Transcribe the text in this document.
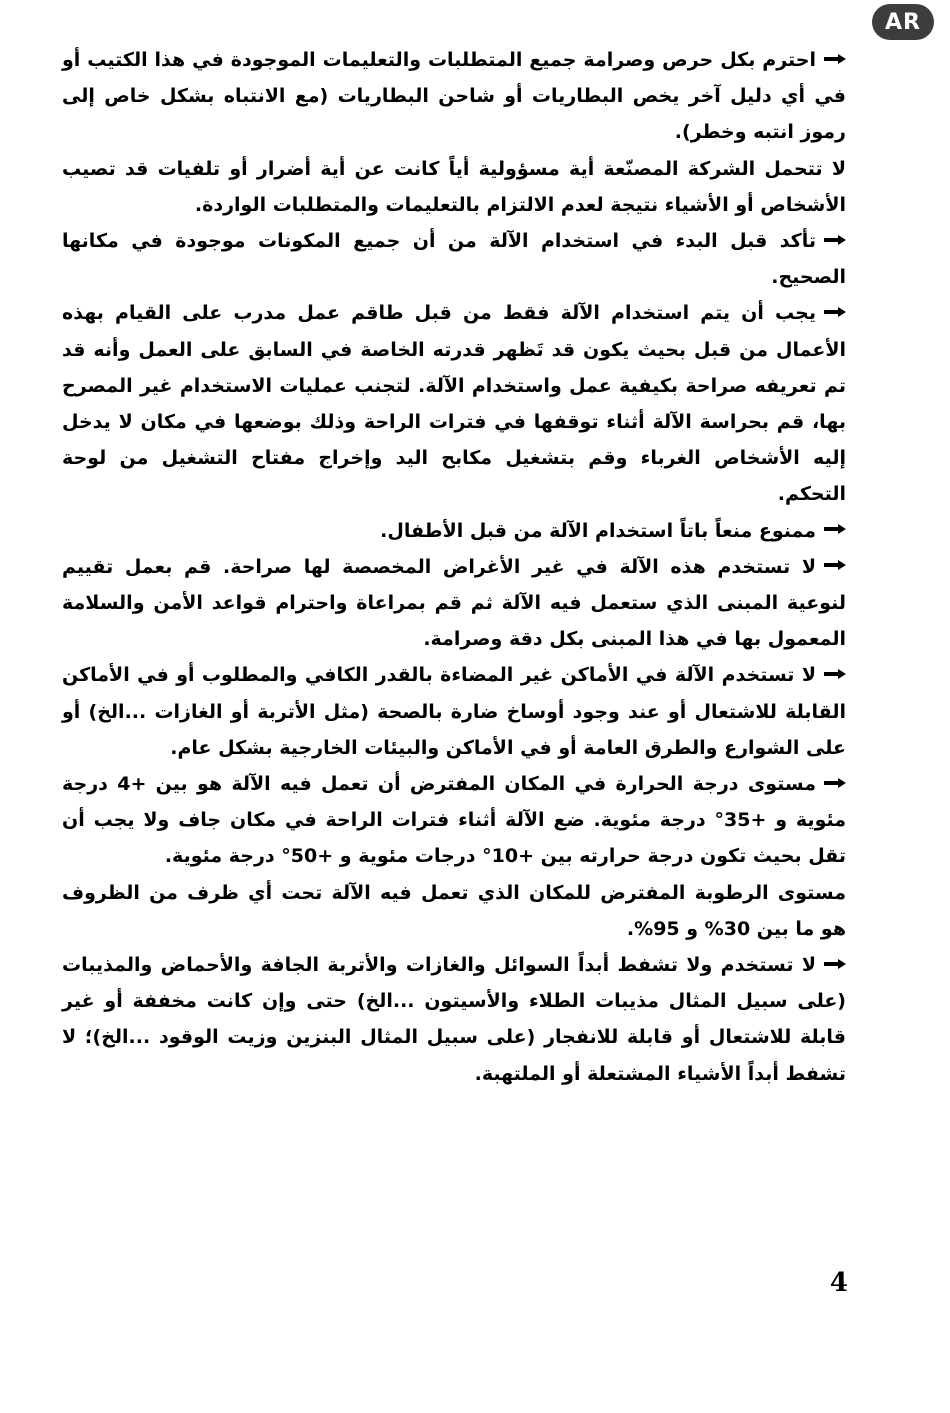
AR

احترم بكل حرص وصرامة جميع المتطلبات والتعليمات الموجودة في هذا الكتيب أو في أي دليل آخر يخص البطاريات أو شاحن البطاريات (مع الانتباه بشكل خاص إلى رموز انتبه وخطر).

لا تتحمل الشركة المصنّعة أية مسؤولية أياً كانت عن أية أضرار أو تلفيات قد تصيب الأشخاص أو الأشياء نتيجة لعدم الالتزام بالتعليمات والمتطلبات الواردة.

تأكد قبل البدء في استخدام الآلة من أن جميع المكونات موجودة في مكانها الصحيح.

يجب أن يتم استخدام الآلة فقط من قبل طاقم عمل مدرب على القيام بهذه الأعمال من قبل بحيث يكون قد تَظهر قدرته الخاصة في السابق على العمل وأنه قد تم تعريفه صراحة بكيفية عمل واستخدام الآلة. لتجنب عمليات الاستخدام غير المصرح بها، قم بحراسة الآلة أثناء توقفها في فترات الراحة وذلك بوضعها في مكان لا يدخل إليه الأشخاص الغرباء وقم بتشغيل مكابح اليد وإخراج مفتاح التشغيل من لوحة التحكم.

ممنوع منعاً باتاً استخدام الآلة من قبل الأطفال.

لا تستخدم هذه الآلة في غير الأغراض المخصصة لها صراحة. قم بعمل تقييم لنوعية المبنى الذي ستعمل فيه الآلة ثم قم بمراعاة واحترام قواعد الأمن والسلامة المعمول بها في هذا المبنى بكل دقة وصرامة.

لا تستخدم الآلة في الأماكن غير المضاءة بالقدر الكافي والمطلوب أو في الأماكن القابلة للاشتعال أو عند وجود أوساخ ضارة بالصحة (مثل الأتربة أو الغازات ...الخ) أو على الشوارع والطرق العامة أو في الأماكن والبيئات الخارجية بشكل عام.

مستوى درجة الحرارة في المكان المفترض أن تعمل فيه الآلة هو بين +4 درجة مئوية و +35° درجة مئوية. ضع الآلة أثناء فترات الراحة في مكان جاف ولا يجب أن تقل بحيث تكون درجة حرارته بين +10° درجات مئوية و +50° درجة مئوية.

مستوى الرطوبة المفترض للمكان الذي تعمل فيه الآلة تحت أي ظرف من الظروف هو ما بين 30% و 95%.

لا تستخدم ولا تشفط أبداً السوائل والغازات والأتربة الجافة والأحماض والمذيبات (على سبيل المثال مذيبات الطلاء والأسيتون ...الخ) حتى وإن كانت مخففة أو غير قابلة للاشتعال أو قابلة للانفجار (على سبيل المثال البنزين وزيت الوقود ...الخ)؛ لا تشفط أبداً الأشياء المشتعلة أو الملتهبة.

4
